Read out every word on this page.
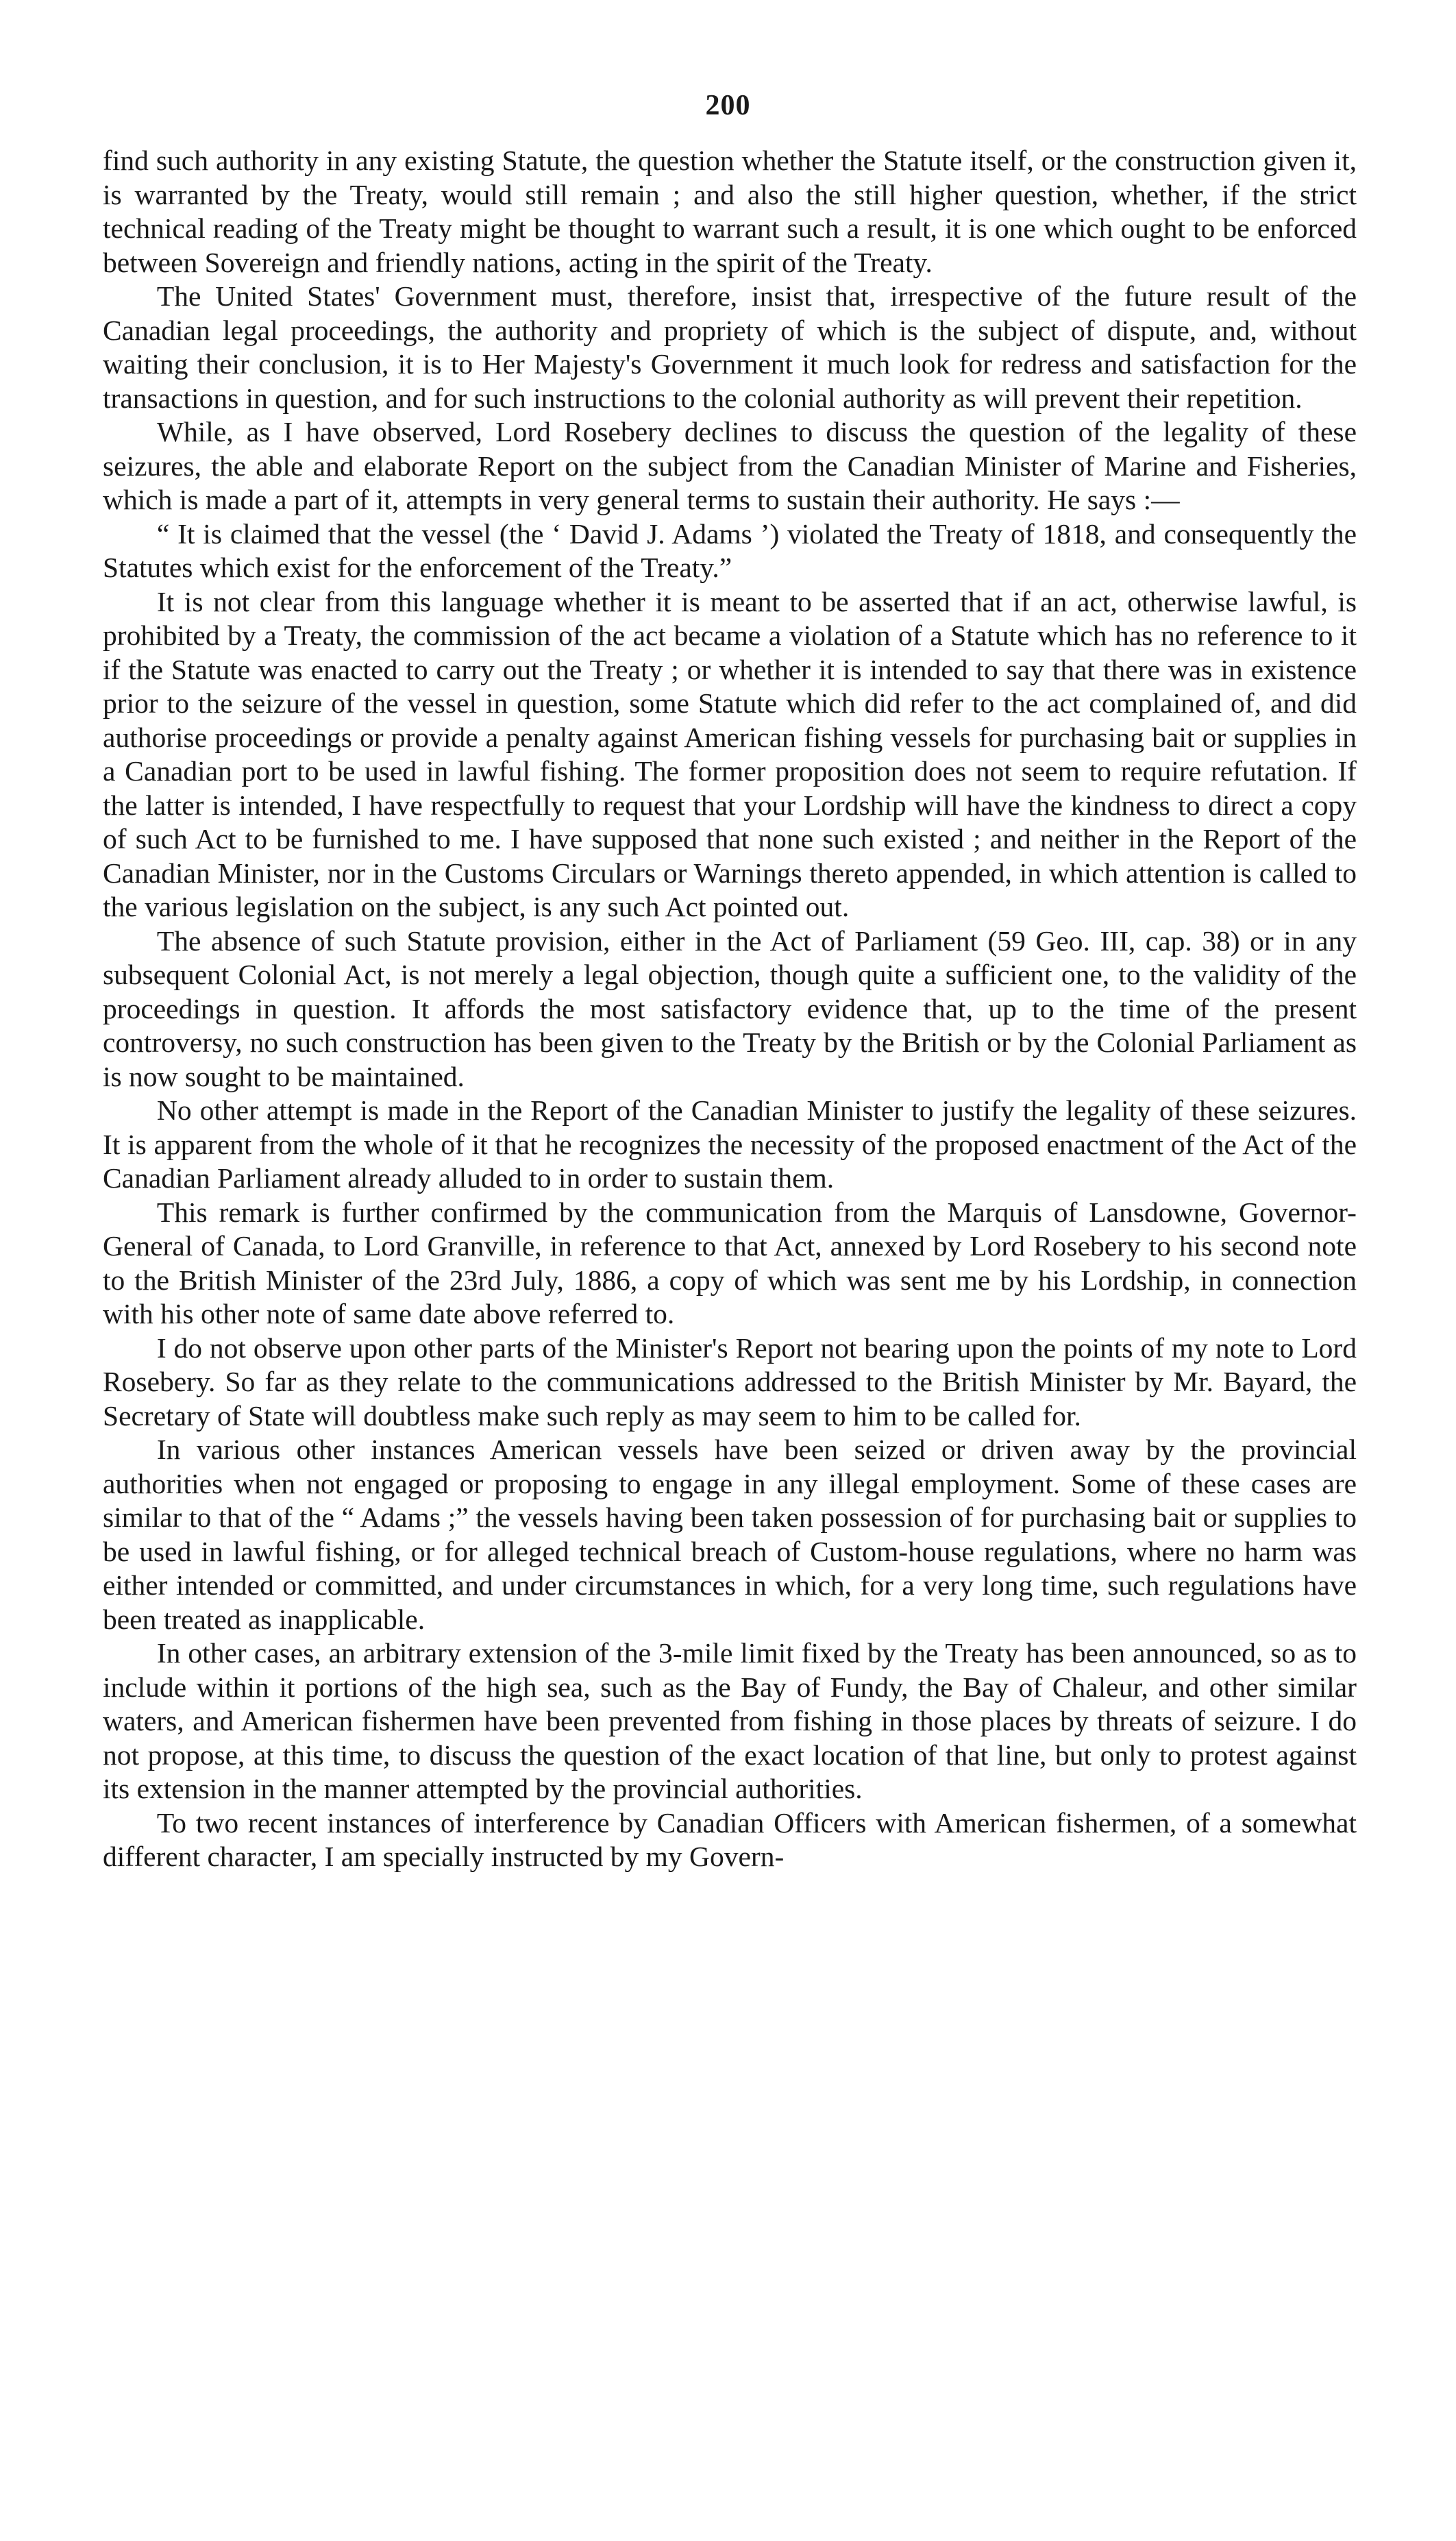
200

find such authority in any existing Statute, the question whether the Statute itself, or the construction given it, is warranted by the Treaty, would still remain ; and also the still higher question, whether, if the strict technical reading of the Treaty might be thought to warrant such a result, it is one which ought to be enforced between Sovereign and friendly nations, acting in the spirit of the Treaty.

The United States' Government must, therefore, insist that, irrespective of the future result of the Canadian legal proceedings, the authority and propriety of which is the subject of dispute, and, without waiting their conclusion, it is to Her Majesty's Government it much look for redress and satisfaction for the transactions in question, and for such instructions to the colonial authority as will prevent their repetition.

While, as I have observed, Lord Rosebery declines to discuss the question of the legality of these seizures, the able and elaborate Report on the subject from the Canadian Minister of Marine and Fisheries, which is made a part of it, attempts in very general terms to sustain their authority. He says :—

“ It is claimed that the vessel (the ‘ David J. Adams ’) violated the Treaty of 1818, and consequently the Statutes which exist for the enforcement of the Treaty.”

It is not clear from this language whether it is meant to be asserted that if an act, otherwise lawful, is prohibited by a Treaty, the commission of the act became a violation of a Statute which has no reference to it if the Statute was enacted to carry out the Treaty ; or whether it is intended to say that there was in existence prior to the seizure of the vessel in question, some Statute which did refer to the act complained of, and did authorise proceedings or provide a penalty against American fishing vessels for purchasing bait or supplies in a Canadian port to be used in lawful fishing. The former proposition does not seem to require refutation. If the latter is intended, I have respectfully to request that your Lordship will have the kindness to direct a copy of such Act to be furnished to me. I have supposed that none such existed ; and neither in the Report of the Canadian Minister, nor in the Customs Circulars or Warnings thereto appended, in which attention is called to the various legislation on the subject, is any such Act pointed out.

The absence of such Statute provision, either in the Act of Parliament (59 Geo. III, cap. 38) or in any subsequent Colonial Act, is not merely a legal objection, though quite a sufficient one, to the validity of the proceedings in question. It affords the most satisfactory evidence that, up to the time of the present controversy, no such construction has been given to the Treaty by the British or by the Colonial Parliament as is now sought to be maintained.

No other attempt is made in the Report of the Canadian Minister to justify the legality of these seizures. It is apparent from the whole of it that he recognizes the necessity of the proposed enactment of the Act of the Canadian Parliament already alluded to in order to sustain them.

This remark is further confirmed by the communication from the Marquis of Lansdowne, Governor-General of Canada, to Lord Granville, in reference to that Act, annexed by Lord Rosebery to his second note to the British Minister of the 23rd July, 1886, a copy of which was sent me by his Lordship, in connection with his other note of same date above referred to.

I do not observe upon other parts of the Minister's Report not bearing upon the points of my note to Lord Rosebery. So far as they relate to the communications addressed to the British Minister by Mr. Bayard, the Secretary of State will doubtless make such reply as may seem to him to be called for.

In various other instances American vessels have been seized or driven away by the provincial authorities when not engaged or proposing to engage in any illegal employment. Some of these cases are similar to that of the “ Adams ;” the vessels having been taken possession of for purchasing bait or supplies to be used in lawful fishing, or for alleged technical breach of Custom-house regulations, where no harm was either intended or committed, and under circumstances in which, for a very long time, such regulations have been treated as inapplicable.

In other cases, an arbitrary extension of the 3-mile limit fixed by the Treaty has been announced, so as to include within it portions of the high sea, such as the Bay of Fundy, the Bay of Chaleur, and other similar waters, and American fishermen have been prevented from fishing in those places by threats of seizure. I do not propose, at this time, to discuss the question of the exact location of that line, but only to protest against its extension in the manner attempted by the provincial authorities.

To two recent instances of interference by Canadian Officers with American fishermen, of a somewhat different character, I am specially instructed by my Govern-
